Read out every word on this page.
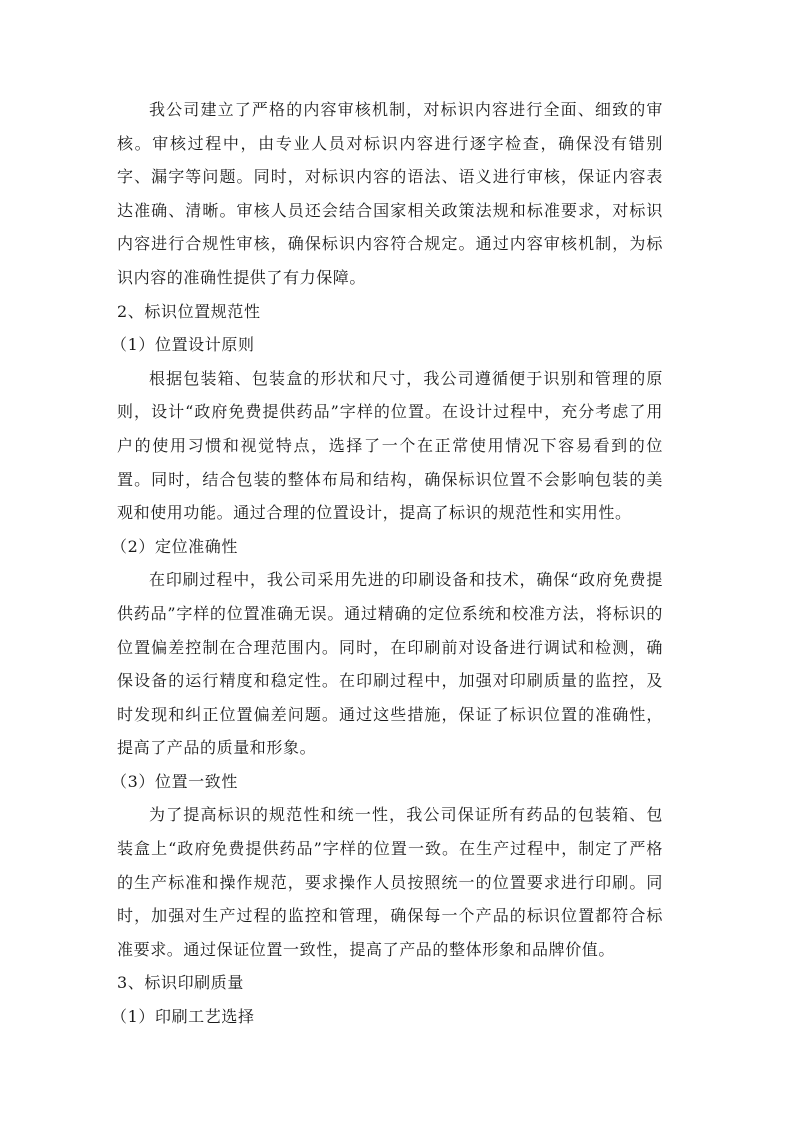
我公司建立了严格的内容审核机制，对标识内容进行全面、细致的审核。审核过程中，由专业人员对标识内容进行逐字检查，确保没有错别字、漏字等问题。同时，对标识内容的语法、语义进行审核，保证内容表达准确、清晰。审核人员还会结合国家相关政策法规和标准要求，对标识内容进行合规性审核，确保标识内容符合规定。通过内容审核机制，为标识内容的准确性提供了有力保障。

2、标识位置规范性

（1）位置设计原则

根据包装箱、包装盒的形状和尺寸，我公司遵循便于识别和管理的原则，设计“政府免费提供药品”字样的位置。在设计过程中，充分考虑了用户的使用习惯和视觉特点，选择了一个在正常使用情况下容易看到的位置。同时，结合包装的整体布局和结构，确保标识位置不会影响包装的美观和使用功能。通过合理的位置设计，提高了标识的规范性和实用性。

（2）定位准确性

在印刷过程中，我公司采用先进的印刷设备和技术，确保“政府免费提供药品”字样的位置准确无误。通过精确的定位系统和校准方法，将标识的位置偏差控制在合理范围内。同时，在印刷前对设备进行调试和检测，确保设备的运行精度和稳定性。在印刷过程中，加强对印刷质量的监控，及时发现和纠正位置偏差问题。通过这些措施，保证了标识位置的准确性，提高了产品的质量和形象。

（3）位置一致性

为了提高标识的规范性和统一性，我公司保证所有药品的包装箱、包装盒上“政府免费提供药品”字样的位置一致。在生产过程中，制定了严格的生产标准和操作规范，要求操作人员按照统一的位置要求进行印刷。同时，加强对生产过程的监控和管理，确保每一个产品的标识位置都符合标准要求。通过保证位置一致性，提高了产品的整体形象和品牌价值。

3、标识印刷质量

（1）印刷工艺选择
